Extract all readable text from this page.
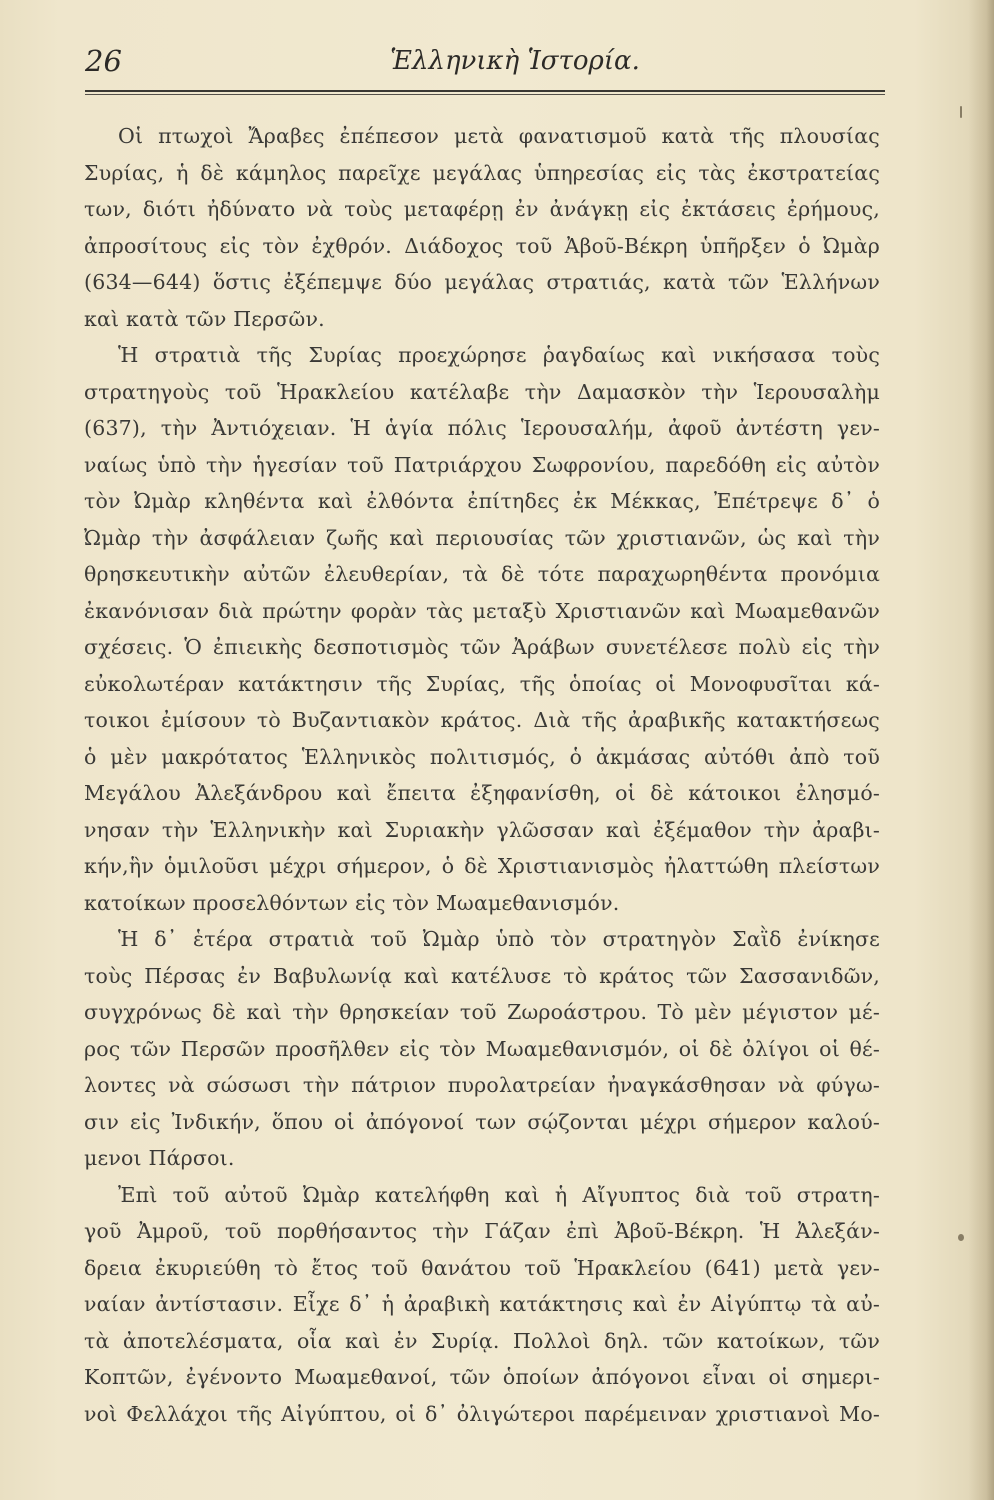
26	Ἑλληνικὴ Ἱστορία.
Οἱ πτωχοὶ Ἄραβες ἐπέπεσον μετὰ φανατισμοῦ κατὰ τῆς πλουσίας
Συρίας, ἡ δὲ κάμηλος παρεῖχε μεγάλας ὑπηρεσίας εἰς τὰς ἐκστρατείας
των, διότι ἠδύνατο νὰ τοὺς μεταφέρῃ ἐν ἀνάγκῃ εἰς ἐκτάσεις ἐρήμους,
ἀπροσίτους εἰς τὸν ἐχθρόν. Διάδοχος τοῦ Ἀβοῦ-Βέκρη ὑπῆρξεν ὁ Ὠμὰρ
(634—644) ὅστις ἐξέπεμψε δύο μεγάλας στρατιάς, κατὰ τῶν Ἑλλήνων
καὶ κατὰ τῶν Περσῶν.
Ἡ στρατιὰ τῆς Συρίας προεχώρησε ῥαγδαίως καὶ νικήσασα τοὺς
στρατηγοὺς τοῦ Ἡρακλείου κατέλαβε τὴν Δαμασκὸν τὴν Ἱερουσαλὴμ
(637), τὴν Ἀντιόχειαν. Ἡ ἁγία πόλις Ἱερουσαλήμ, ἀφοῦ ἀντέστη γεν-
ναίως ὑπὸ τὴν ἡγεσίαν τοῦ Πατριάρχου Σωφρονίου, παρεδόθη εἰς αὐτὸν
τὸν Ὠμὰρ κληθέντα καὶ ἐλθόντα ἐπίτηδες ἐκ Μέκκας, Ἐπέτρεψε δ᾽ ὁ
Ὠμὰρ τὴν ἀσφάλειαν ζωῆς καὶ περιουσίας τῶν χριστιανῶν, ὡς καὶ τὴν
θρησκευτικὴν αὐτῶν ἐλευθερίαν, τὰ δὲ τότε παραχωρηθέντα προνόμια
ἐκανόνισαν διὰ πρώτην φορὰν τὰς μεταξὺ Χριστιανῶν καὶ Μωαμεθανῶν
σχέσεις. Ὁ ἐπιεικὴς δεσποτισμὸς τῶν Ἀράβων συνετέλεσε πολὺ εἰς τὴν
εὐκολωτέραν κατάκτησιν τῆς Συρίας, τῆς ὁποίας οἱ Μονοφυσῖται κά-
τοικοι ἐμίσουν τὸ Βυζαντιακὸν κράτος. Διὰ τῆς ἀραβικῆς κατακτήσεως
ὁ μὲν μακρότατος Ἑλληνικὸς πολιτισμός, ὁ ἀκμάσας αὐτόθι ἀπὸ τοῦ
Μεγάλου Ἀλεξάνδρου καὶ ἔπειτα ἐξηφανίσθη, οἱ δὲ κάτοικοι ἐλησμό-
νησαν τὴν Ἑλληνικὴν καὶ Συριακὴν γλῶσσαν καὶ ἐξέμαθον τὴν ἀραβι-
κήν,ἣν ὁμιλοῦσι μέχρι σήμερον, ὁ δὲ Χριστιανισμὸς ἠλαττώθη πλείστων
κατοίκων προσελθόντων εἰς τὸν Μωαμεθανισμόν.
Ἡ δ᾽ ἑτέρα στρατιὰ τοῦ Ὠμὰρ ὑπὸ τὸν στρατηγὸν Σαῒδ ἐνίκησε
τοὺς Πέρσας ἐν Βαβυλωνίᾳ καὶ κατέλυσε τὸ κράτος τῶν Σασσανιδῶν,
συγχρόνως δὲ καὶ τὴν θρησκείαν τοῦ Ζωροάστρου. Τὸ μὲν μέγιστον μέ-
ρος τῶν Περσῶν προσῆλθεν εἰς τὸν Μωαμεθανισμόν, οἱ δὲ ὀλίγοι οἱ θέ-
λοντες νὰ σώσωσι τὴν πάτριον πυρολατρείαν ἠναγκάσθησαν νὰ φύγω-
σιν εἰς Ἰνδικήν, ὅπου οἱ ἀπόγονοί των σῴζονται μέχρι σήμερον καλού-
μενοι Πάρσοι.
Ἐπὶ τοῦ αὐτοῦ Ὠμὰρ κατελήφθη καὶ ἡ Αἴγυπτος διὰ τοῦ στρατη-
γοῦ Ἀμροῦ, τοῦ πορθήσαντος τὴν Γάζαν ἐπὶ Ἀβοῦ-Βέκρη. Ἡ Ἀλεξάν-
δρεια ἐκυριεύθη τὸ ἔτος τοῦ θανάτου τοῦ Ἡρακλείου (641) μετὰ γεν-
ναίαν ἀντίστασιν. Εἶχε δ᾽ ἡ ἀραβικὴ κατάκτησις καὶ ἐν Αἰγύπτῳ τὰ αὐ-
τὰ ἀποτελέσματα, οἷα καὶ ἐν Συρίᾳ. Πολλοὶ δηλ. τῶν κατοίκων, τῶν
Κοπτῶν, ἐγένοντο Μωαμεθανοί, τῶν ὁποίων ἀπόγονοι εἶναι οἱ σημερι-
νοὶ Φελλάχοι τῆς Αἰγύπτου, οἱ δ᾽ ὀλιγώτεροι παρέμειναν χριστιανοὶ Μο-
